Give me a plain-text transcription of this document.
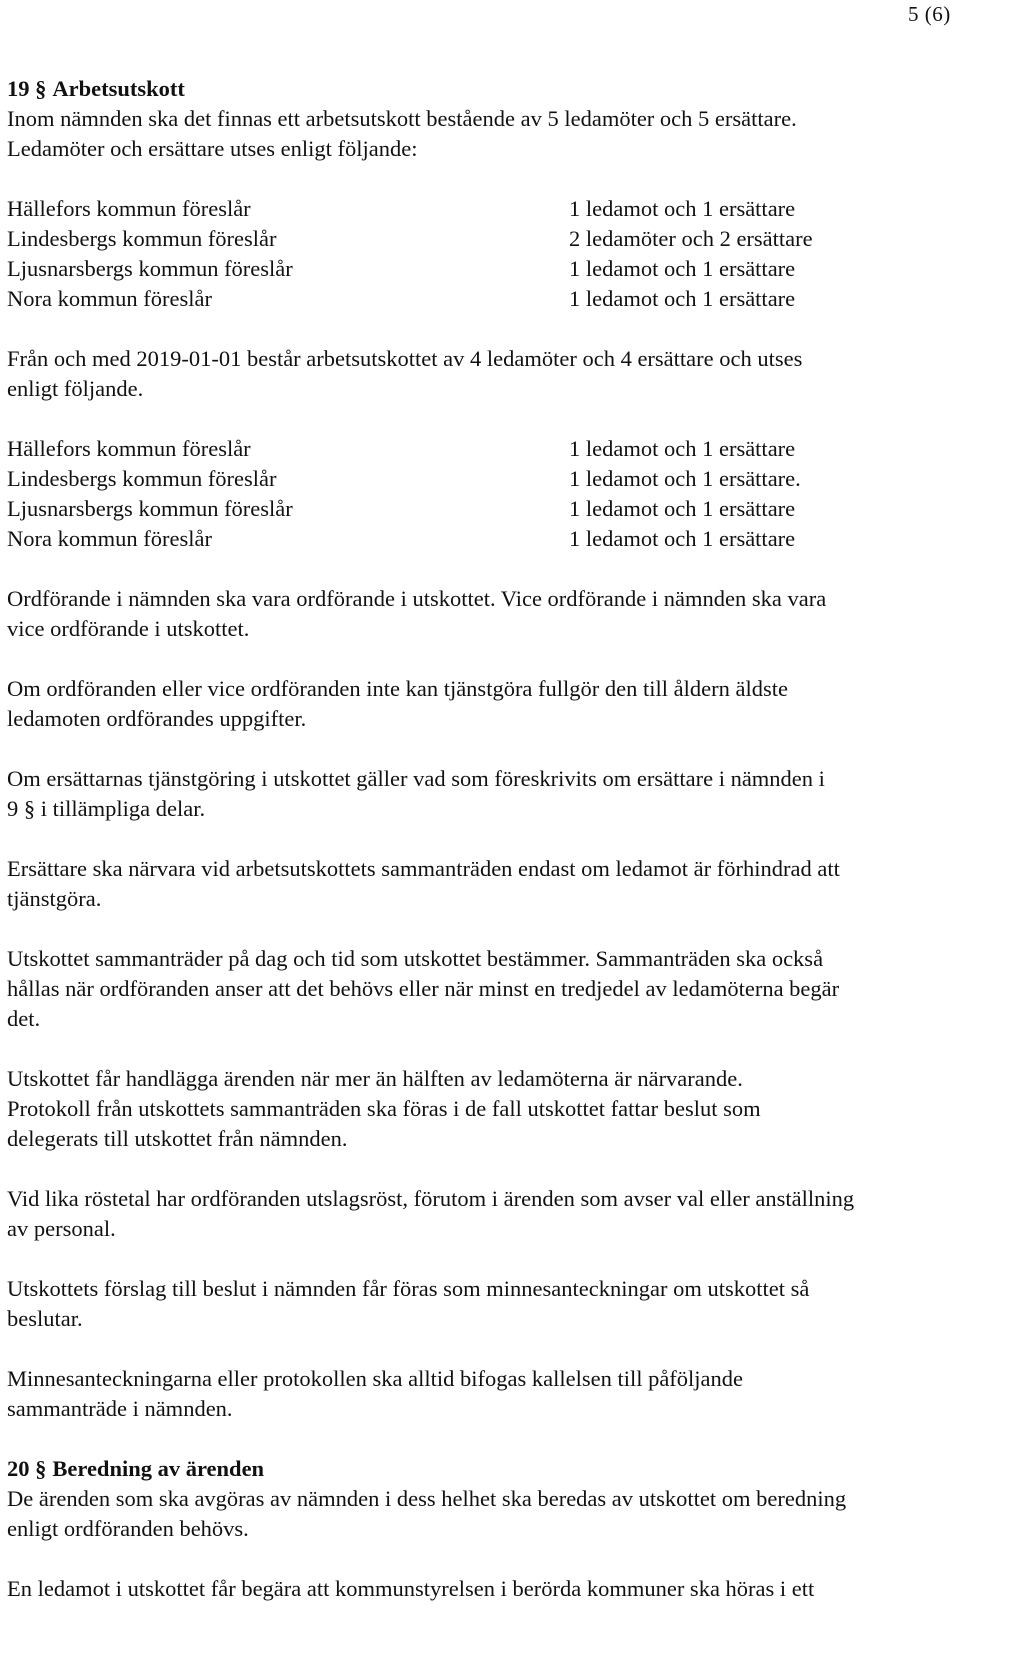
5 (6)
19 § Arbetsutskott

Inom nämnden ska det finnas ett arbetsutskott bestående av 5 ledamöter och 5 ersättare.
Ledamöter och ersättare utses enligt följande:

Hällefors kommun föreslår	1 ledamot och 1 ersättare
Lindesbergs kommun föreslår	2 ledamöter och 2 ersättare
Ljusnarsbergs kommun föreslår	1 ledamot och 1 ersättare
Nora kommun föreslår	1 ledamot och 1 ersättare

Från och med 2019-01-01 består arbetsutskottet av 4 ledamöter och 4 ersättare och utses
enligt följande.

Hällefors kommun föreslår	1 ledamot och 1 ersättare
Lindesbergs kommun föreslår	1 ledamot och 1 ersättare.
Ljusnarsbergs kommun föreslår	1 ledamot och 1 ersättare
Nora kommun föreslår	1 ledamot och 1 ersättare

Ordförande i nämnden ska vara ordförande i utskottet. Vice ordförande i nämnden ska vara
vice ordförande i utskottet.

Om ordföranden eller vice ordföranden inte kan tjänstgöra fullgör den till åldern äldste
ledamoten ordförandes uppgifter.

Om ersättarnas tjänstgöring i utskottet gäller vad som föreskrivits om ersättare i nämnden i
9 § i tillämpliga delar.

Ersättare ska närvara vid arbetsutskottets sammanträden endast om ledamot är förhindrad att
tjänstgöra.

Utskottet sammanträder på dag och tid som utskottet bestämmer. Sammanträden ska också
hållas när ordföranden anser att det behövs eller när minst en tredjedel av ledamöterna begär
det.

Utskottet får handlägga ärenden när mer än hälften av ledamöterna är närvarande.
Protokoll från utskottets sammanträden ska föras i de fall utskottet fattar beslut som
delegerats till utskottet från nämnden.

Vid lika röstetal har ordföranden utslagsröst, förutom i ärenden som avser val eller anställning
av personal.

Utskottets förslag till beslut i nämnden får föras som minnesanteckningar om utskottet så
beslutar.

Minnesanteckningarna eller protokollen ska alltid bifogas kallelsen till påföljande
sammanträde i nämnden.

20 § Beredning av ärenden

De ärenden som ska avgöras av nämnden i dess helhet ska beredas av utskottet om beredning
enligt ordföranden behövs.

En ledamot i utskottet får begära att kommunstyrelsen i berörda kommuner ska höras i ett
